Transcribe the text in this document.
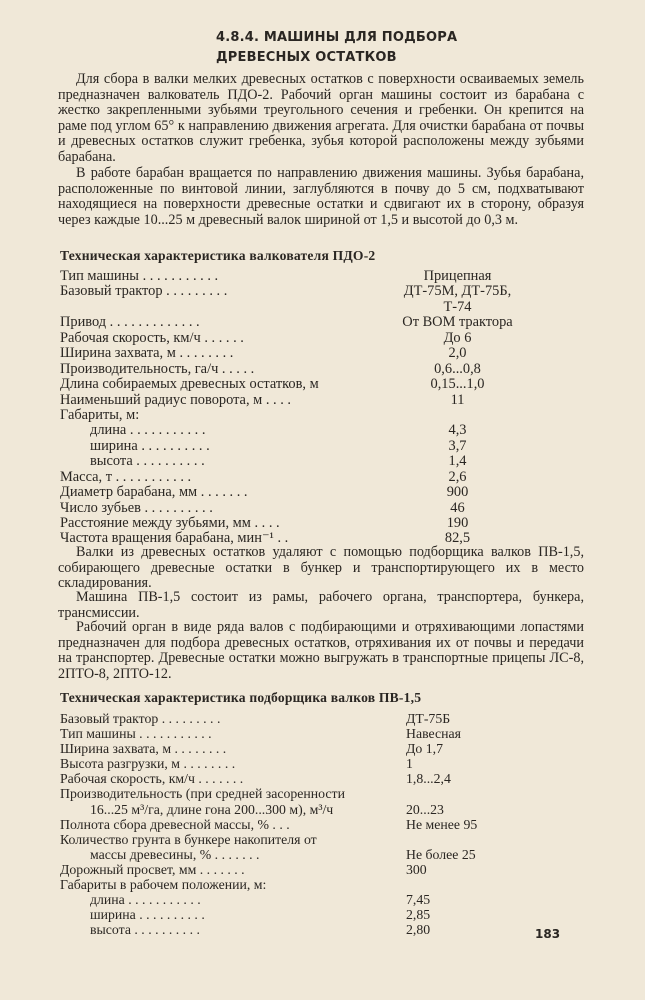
4.8.4. МАШИНЫ ДЛЯ ПОДБОРА ДРЕВЕСНЫХ ОСТАТКОВ

Для сбора в валки мелких древесных остатков с поверхности осваиваемых земель предназначен валкователь ПДО-2. Рабочий орган машины состоит из барабана с жестко закрепленными зубьями треугольного сечения и гребенки. Он крепится на раме под углом 65° к направлению движения агрегата. Для очистки барабана от почвы и древесных остатков служит гребенка, зубья которой расположены между зубьями барабана.

В работе барабан вращается по направлению движения машины. Зубья барабана, расположенные по винтовой линии, заглубляются в почву до 5 см, подхватывают находящиеся на поверхности древесные остатки и сдвигают их в сторону, образуя через каждые 10...25 м древесный валок шириной от 1,5 и высотой до 0,3 м.

Техническая характеристика валкователя ПДО-2
Тип машины . . . . . . . . . . .	Прицепная
Базовый трактор . . . . . . . . .	ДТ-75М, ДТ-75Б,
Т-74
Привод . . . . . . . . . . . . .	От ВОМ трактора
Рабочая скорость, км/ч . . . . . .	До 6
Ширина захвата, м . . . . . . . .	2,0
Производительность, га/ч . . . . .	0,6...0,8
Длина собираемых древесных остатков, м	0,15...1,0
Наименьший радиус поворота, м . . . .	11
Габариты, м:
длина . . . . . . . . . . .	4,3
ширина . . . . . . . . . .	3,7
высота . . . . . . . . . .	1,4
Масса, т . . . . . . . . . . .	2,6
Диаметр барабана, мм . . . . . . .	900
Число зубьев . . . . . . . . . .	46
Расстояние между зубьями, мм . . . .	190
Частота вращения барабана, мин⁻¹ . .	82,5

Валки из древесных остатков удаляют с помощью подборщика валков ПВ-1,5, собирающего древесные остатки в бункер и транспортирующего их в место складирования.

Машина ПВ-1,5 состоит из рамы, рабочего органа, транспортера, бункера, трансмиссии.

Рабочий орган в виде ряда валов с подбирающими и отряхивающими лопастями предназначен для подбора древесных остатков, отряхивания их от почвы и передачи на транспортер. Древесные остатки можно выгружать в транспортные прицепы ЛС-8, 2ПТО-8, 2ПТО-12.

Техническая характеристика подборщика валков ПВ-1,5
Базовый трактор . . . . . . . . .	ДТ-75Б
Тип машины . . . . . . . . . . .	Навесная
Ширина захвата, м . . . . . . . .	До 1,7
Высота разгрузки, м . . . . . . . .	1
Рабочая скорость, км/ч . . . . . . .	1,8...2,4
Производительность (при средней засоренности
16...25 м³/га, длине гона 200...300 м), м³/ч	20...23
Полнота сбора древесной массы, % . . .	Не менее 95
Количество грунта в бункере накопителя от
массы древесины, % . . . . . . .	Не более 25
Дорожный просвет, мм . . . . . . .	300
Габариты в рабочем положении, м:
длина . . . . . . . . . . .	7,45
ширина . . . . . . . . . .	2,85
высота . . . . . . . . . .	2,80	183
